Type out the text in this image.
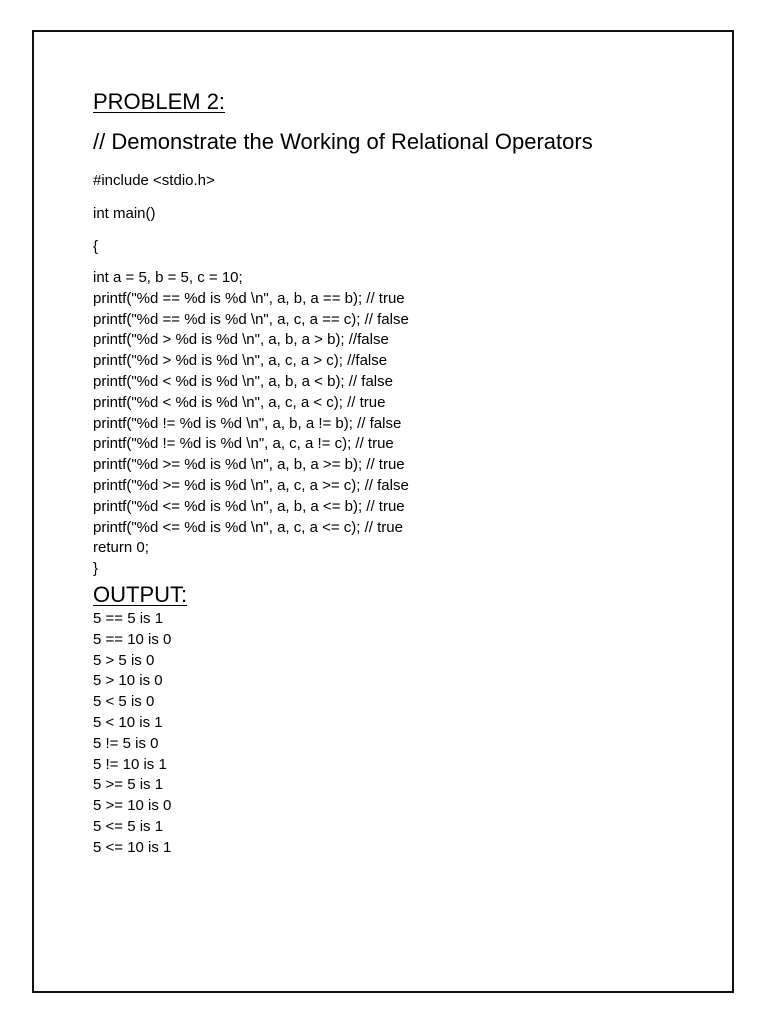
PROBLEM 2:
// Demonstrate the Working of Relational Operators
#include <stdio.h>
int main()
{
int a = 5, b = 5, c = 10;
printf("%d == %d is %d \n", a, b, a == b); // true
printf("%d == %d is %d \n", a, c, a == c); // false
printf("%d > %d is %d \n", a, b, a > b); //false
printf("%d > %d is %d \n", a, c, a > c); //false
printf("%d < %d is %d \n", a, b, a < b); // false
printf("%d < %d is %d \n", a, c, a < c); // true
printf("%d != %d is %d \n", a, b, a != b); // false
printf("%d != %d is %d \n", a, c, a != c); // true
printf("%d >= %d is %d \n", a, b, a >= b); // true
printf("%d >= %d is %d \n", a, c, a >= c); // false
printf("%d <= %d is %d \n", a, b, a <= b); // true
printf("%d <= %d is %d \n", a, c, a <= c); // true
return 0;
}
OUTPUT:
5 == 5 is 1
5 == 10 is 0
5 > 5 is 0
5 > 10 is 0
5 < 5 is 0
5 < 10 is 1
5 != 5 is 0
5 != 10 is 1
5 >= 5 is 1
5 >= 10 is 0
5 <= 5 is 1
5 <= 10 is 1
